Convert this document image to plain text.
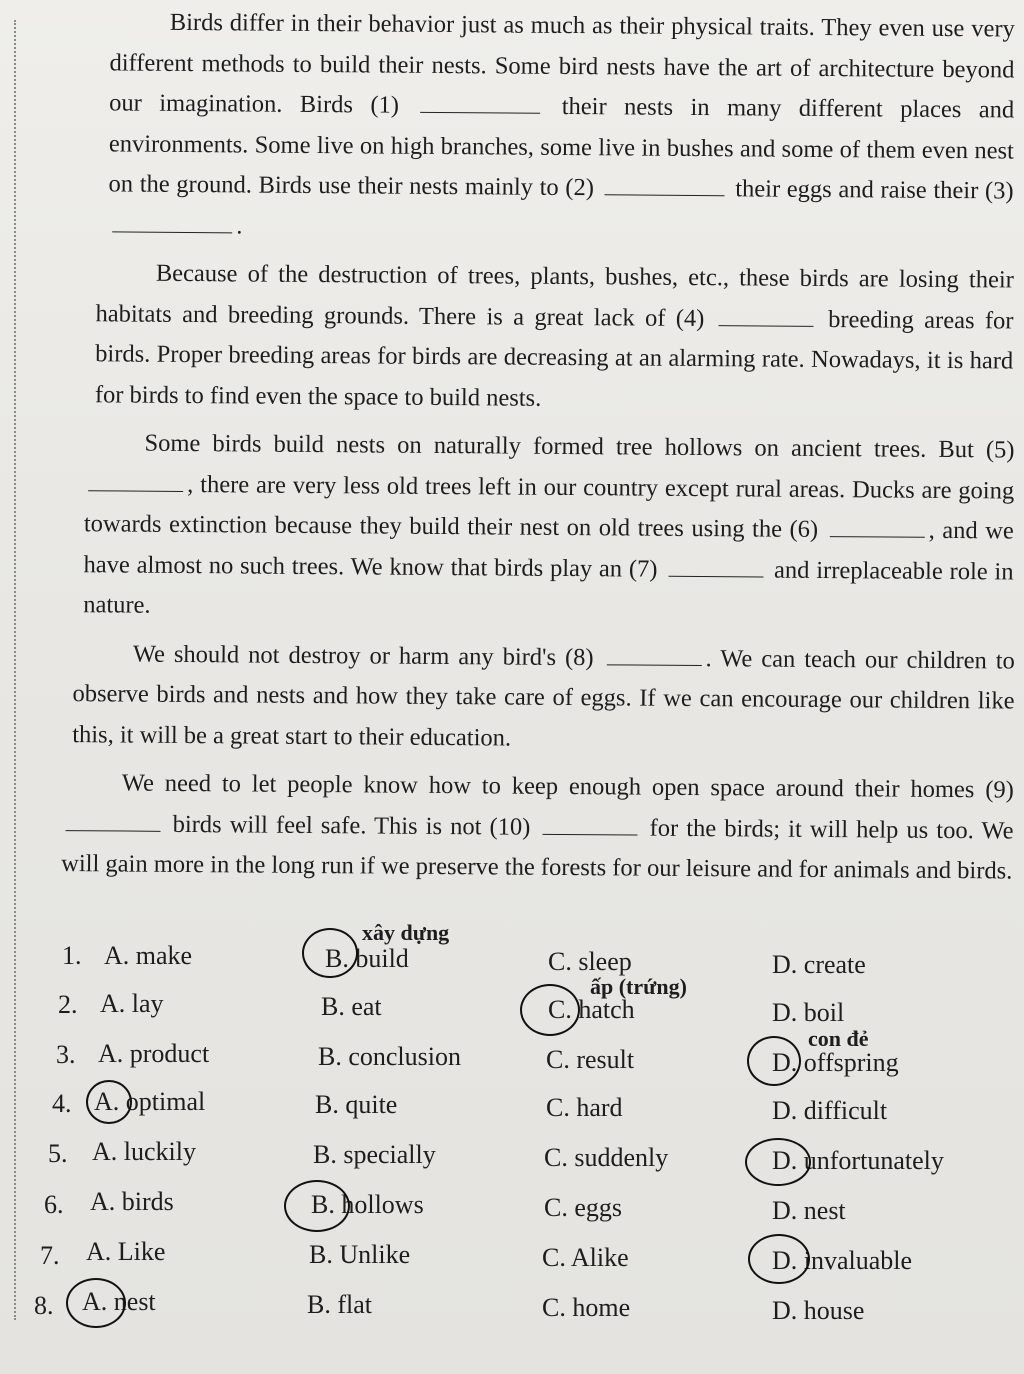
Birds differ in their behavior just as much as their physical traits. They even use very different methods to build their nests. Some bird nests have the art of architecture beyond our imagination. Birds (1)	their nests in many different places and environments. Some live on high branches, some live in bushes and some of them even nest on the ground. Birds use their nests mainly to (2)	their eggs and raise their (3) .

Because of the destruction of trees, plants, bushes, etc., these birds are losing their habitats and breeding grounds. There is a great lack of (4)	breeding areas for birds. Proper breeding areas for birds are decreasing at an alarming rate. Nowadays, it is hard for birds to find even the space to build nests.

Some birds build nests on naturally formed tree hollows on ancient trees. But (5) , there are very less old trees left in our country except rural areas. Ducks are going towards extinction because they build their nest on old trees using the (6)	, and we have almost no such trees. We know that birds play an (7)	and irreplaceable role in nature.

We should not destroy or harm any bird's (8)	. We can teach our children to observe birds and nests and how they take care of eggs. If we can encourage our children like this, it will be a great start to their education.

We need to let people know how to keep enough open space around their homes (9)  birds will feel safe. This is not (10)	for the birds; it will help us too. We will gain more in the long run if we preserve the forests for our leisure and for animals and birds.

1. A. make	B. build	C. sleep	D. create
2. A. lay	B. eat	C. hatch	D. boil
3. A. product	B. conclusion	C. result	D. offspring
4. A. optimal	B. quite	C. hard	D. difficult
5. A. luckily	B. specially	C. suddenly	D. unfortunately
6. A. birds	B. hollows	C. eggs	D. nest
7. A. Like	B. Unlike	C. Alike	D. invaluable
8. A. nest	B. flat	C. home	D. house
xây dựng
ấp (trứng)
con đẻ
